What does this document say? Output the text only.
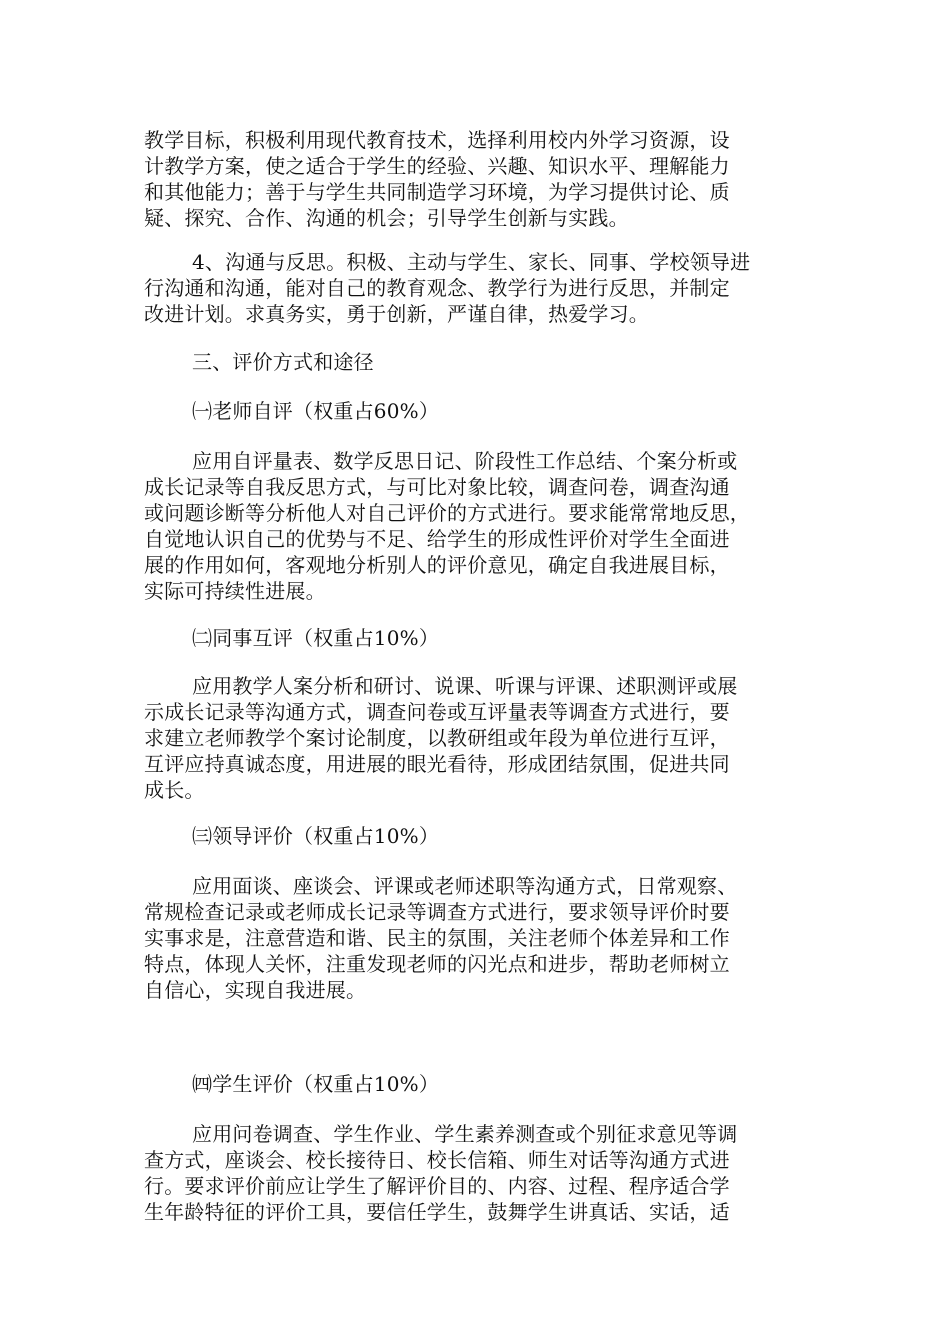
教学目标，积极利用现代教育技术，选择利用校内外学习资源，设
计教学方案，使之适合于学生的经验、兴趣、知识水平、理解能力
和其他能力；善于与学生共同制造学习环境，为学习提供讨论、质
疑、探究、合作、沟通的机会；引导学生创新与实践。
4、沟通与反思。积极、主动与学生、家长、同事、学校领导进
行沟通和沟通，能对自己的教育观念、教学行为进行反思，并制定
改进计划。求真务实，勇于创新，严谨自律，热爱学习。
三、评价方式和途径
㈠老师自评（权重占60%）
应用自评量表、数学反思日记、阶段性工作总结、个案分析或
成长记录等自我反思方式，与可比对象比较，调查问卷，调查沟通
或问题诊断等分析他人对自己评价的方式进行。要求能常常地反思，
自觉地认识自己的优势与不足、给学生的形成性评价对学生全面进
展的作用如何，客观地分析别人的评价意见，确定自我进展目标，
实际可持续性进展。
㈡同事互评（权重占10%）
应用教学人案分析和研讨、说课、听课与评课、述职测评或展
示成长记录等沟通方式，调查问卷或互评量表等调查方式进行，要
求建立老师教学个案讨论制度，以教研组或年段为单位进行互评，
互评应持真诚态度，用进展的眼光看待，形成团结氛围，促进共同
成长。
㈢领导评价（权重占10%）
应用面谈、座谈会、评课或老师述职等沟通方式，日常观察、
常规检查记录或老师成长记录等调查方式进行，要求领导评价时要
实事求是，注意营造和谐、民主的氛围，关注老师个体差异和工作
特点，体现人关怀，注重发现老师的闪光点和进步，帮助老师树立
自信心，实现自我进展。
㈣学生评价（权重占10%）
应用问卷调查、学生作业、学生素养测查或个别征求意见等调
查方式，座谈会、校长接待日、校长信箱、师生对话等沟通方式进
行。要求评价前应让学生了解评价目的、内容、过程、程序适合学
生年龄特征的评价工具，要信任学生，鼓舞学生讲真话、实话，适
